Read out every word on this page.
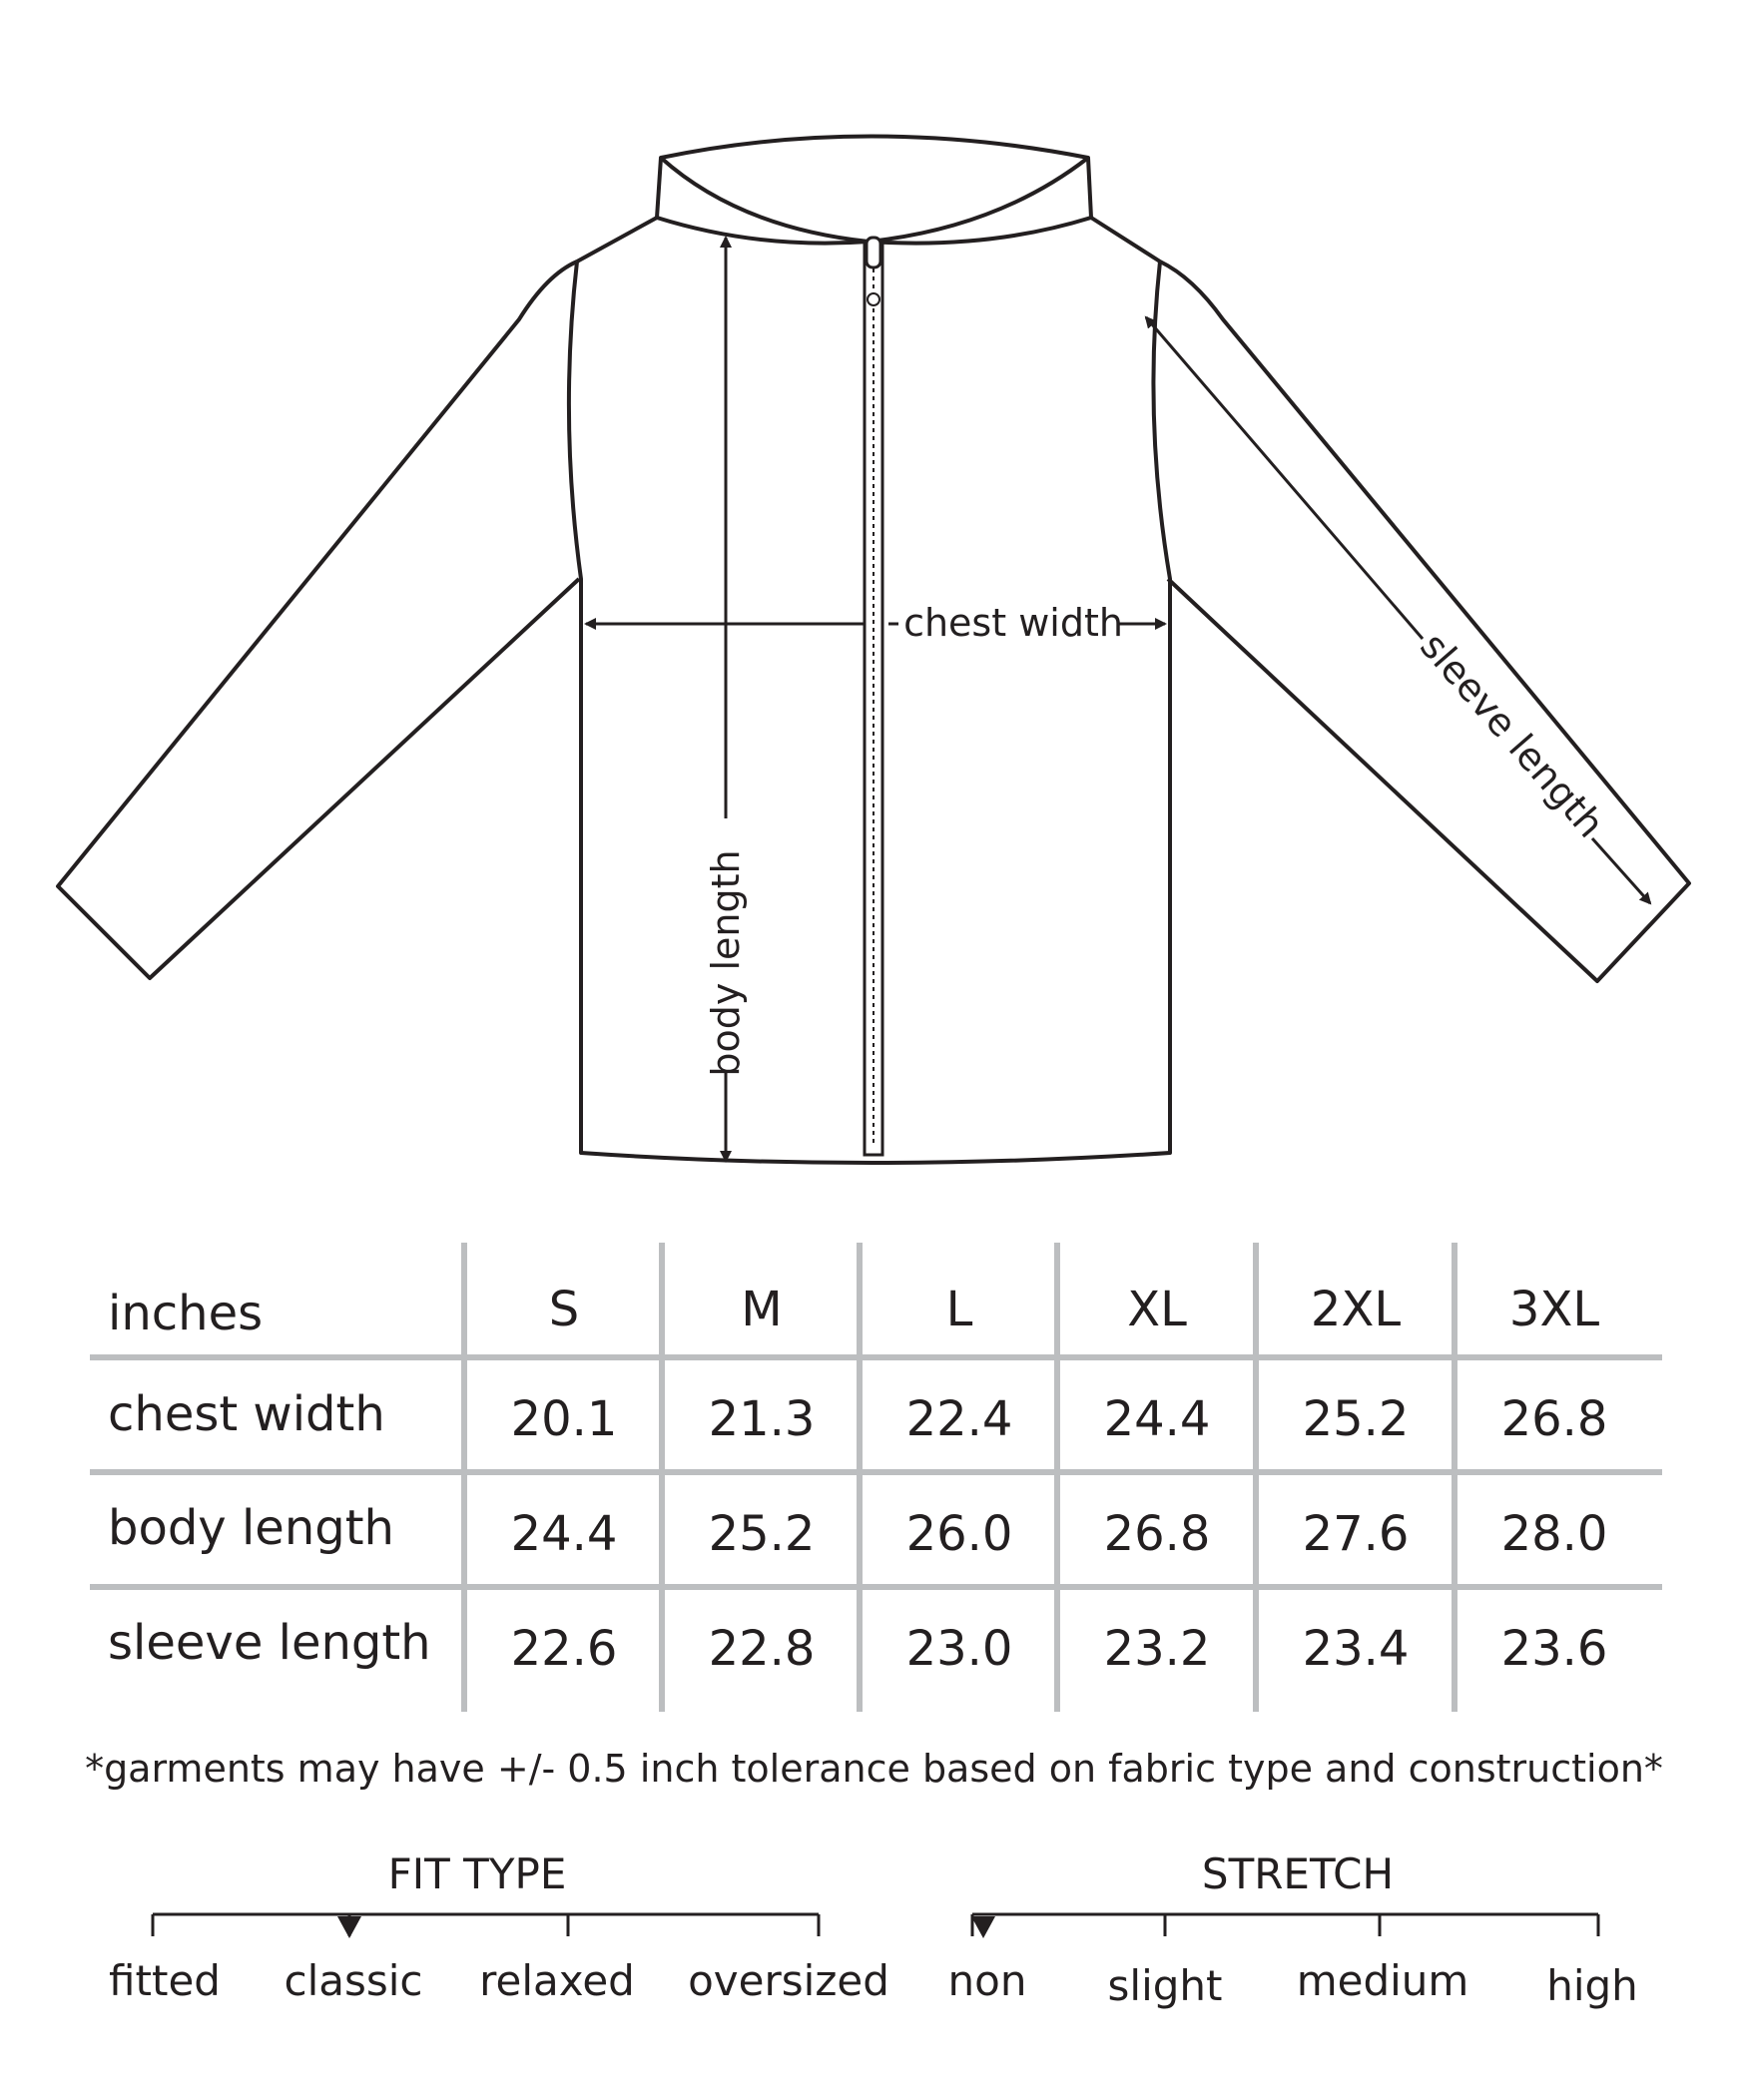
chest width
body length
sleeve length
inches	S	M	L	XL	2XL	3XL
chest width	20.1	21.3	22.4	24.4	25.2	26.8
body length	24.4	25.2	26.0	26.8	27.6	28.0
sleeve length	22.6	22.8	23.0	23.2	23.4	23.6
*garments may have +/- 0.5 inch tolerance based on fabric type and construction*
FIT TYPE	STRETCH
fitted	classic	relaxed	oversized	non	slight	medium	high
